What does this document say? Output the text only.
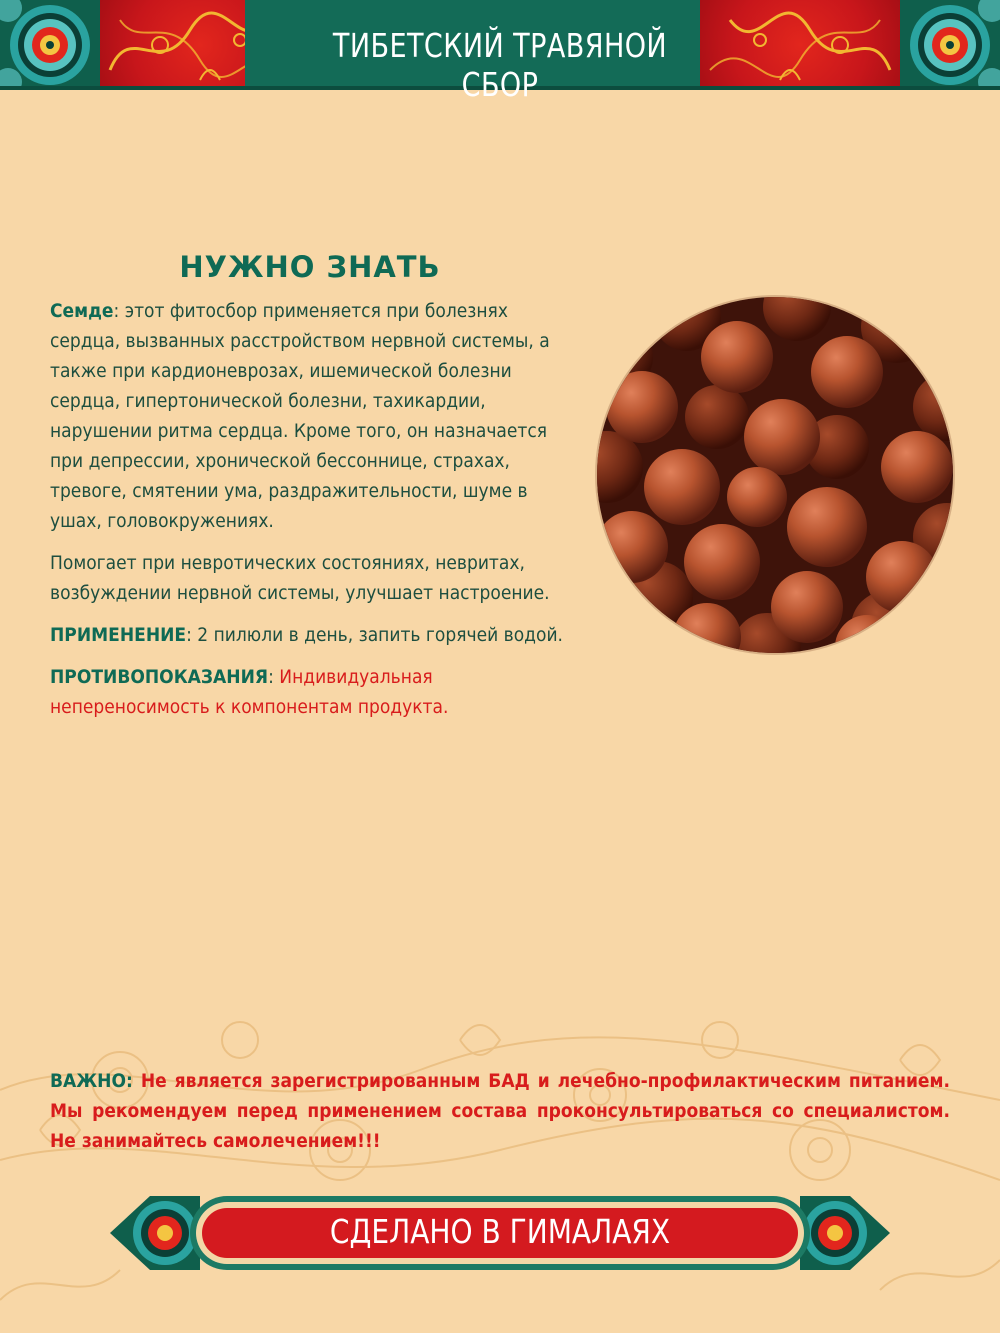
ТИБЕТСКИЙ ТРАВЯНОЙ СБОР
НУЖНО ЗНАТЬ

Семде: этот фитосбор применяется при болезнях сердца, вызванных расстройством нервной системы, а также при кардионеврозах, ишемической болезни сердца, гипертонической болезни, тахикардии, нарушении ритма сердца. Кроме того, он назначается при депрессии, хронической бессоннице, страхах, тревоге, смятении ума, раздражительности, шуме в ушах, головокружениях.

Помогает при невротических состояниях, невритах, возбуждении нервной системы, улучшает настроение.

ПРИМЕНЕНИЕ: 2 пилюли в день, запить горячей водой.

ПРОТИВОПОКАЗАНИЯ: Индивидуальная непереносимость к компонентам продукта.

ВАЖНО: Не является зарегистрированным БАД и лечебно-профилактическим питанием. Мы рекомендуем перед применением состава проконсультироваться со специалистом. Не занимайтесь самолечением!!!
СДЕЛАНО В ГИМАЛАЯХ
